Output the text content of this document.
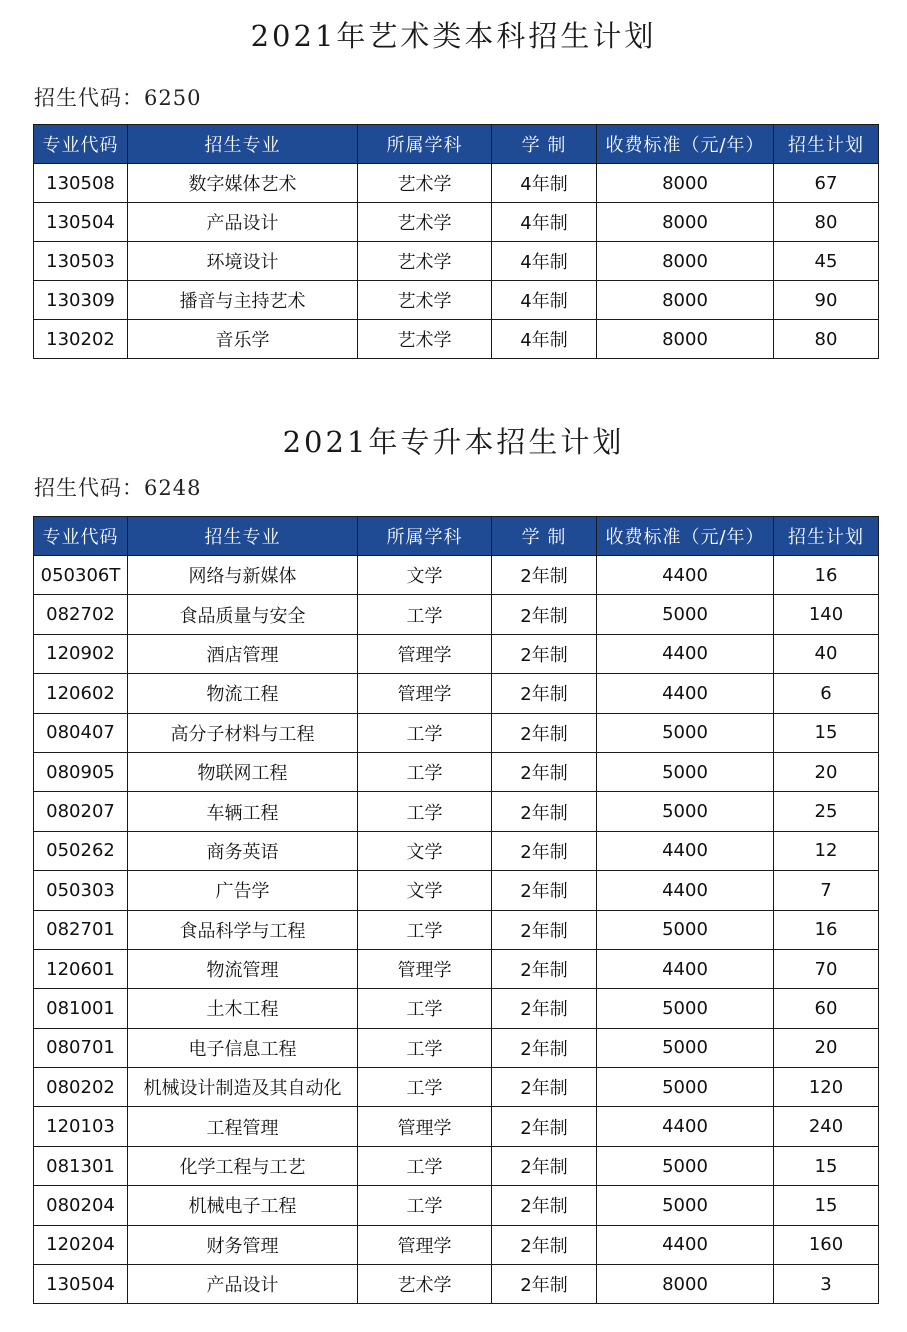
2021年艺术类本科招生计划
招生代码：6250
专业代码	招生专业	所属学科	学 制	收费标准（元/年）	招生计划
130508	数字媒体艺术	艺术学	4年制	8000	67
130504	产品设计	艺术学	4年制	8000	80
130503	环境设计	艺术学	4年制	8000	45
130309	播音与主持艺术	艺术学	4年制	8000	90
130202	音乐学	艺术学	4年制	8000	80
2021年专升本招生计划
招生代码：6248
专业代码	招生专业	所属学科	学 制	收费标准（元/年）	招生计划
050306T	网络与新媒体	文学	2年制	4400	16
082702	食品质量与安全	工学	2年制	5000	140
120902	酒店管理	管理学	2年制	4400	40
120602	物流工程	管理学	2年制	4400	6
080407	高分子材料与工程	工学	2年制	5000	15
080905	物联网工程	工学	2年制	5000	20
080207	车辆工程	工学	2年制	5000	25
050262	商务英语	文学	2年制	4400	12
050303	广告学	文学	2年制	4400	7
082701	食品科学与工程	工学	2年制	5000	16
120601	物流管理	管理学	2年制	4400	70
081001	土木工程	工学	2年制	5000	60
080701	电子信息工程	工学	2年制	5000	20
080202	机械设计制造及其自动化	工学	2年制	5000	120
120103	工程管理	管理学	2年制	4400	240
081301	化学工程与工艺	工学	2年制	5000	15
080204	机械电子工程	工学	2年制	5000	15
120204	财务管理	管理学	2年制	4400	160
130504	产品设计	艺术学	2年制	8000	3
